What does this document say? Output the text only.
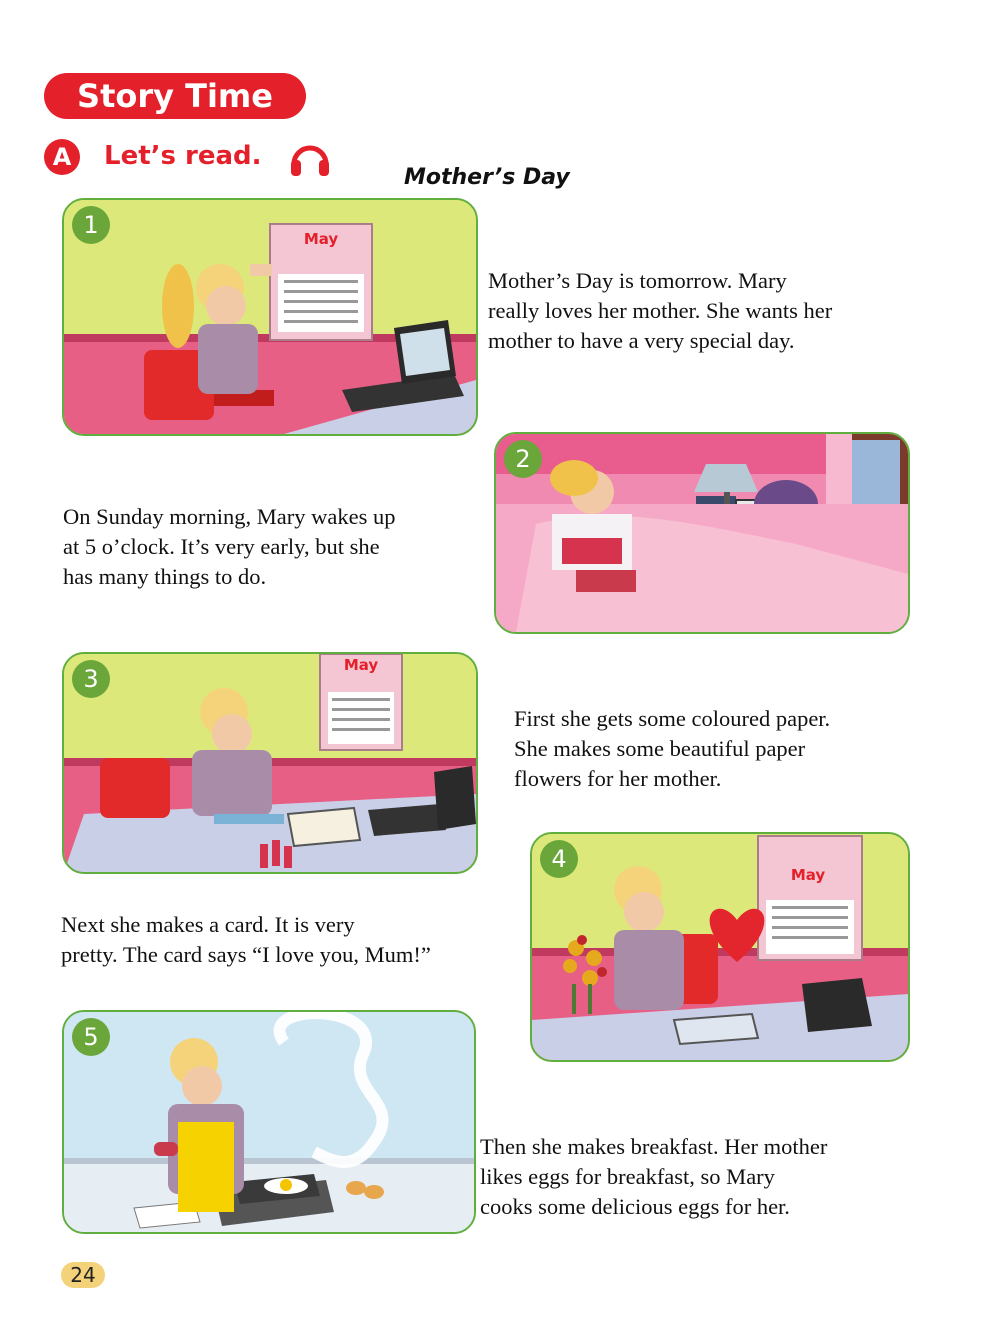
Story Time
A	Let’s read.
Mother’s Day
1	May

Mother’s Day is tomorrow. Mary
really loves her mother. She wants her
mother to have a very special day.

2

On Sunday morning, Mary wakes up
at 5 o’clock. It’s very early, but she
has many things to do.

3	May

First she gets some coloured paper.
She makes some beautiful paper
flowers for her mother.

4
May

Next she makes a card. It is very
pretty. The card says “I love you, Mum!”

5

Then she makes breakfast. Her mother
likes eggs for breakfast, so Mary
cooks some delicious eggs for her.

24
